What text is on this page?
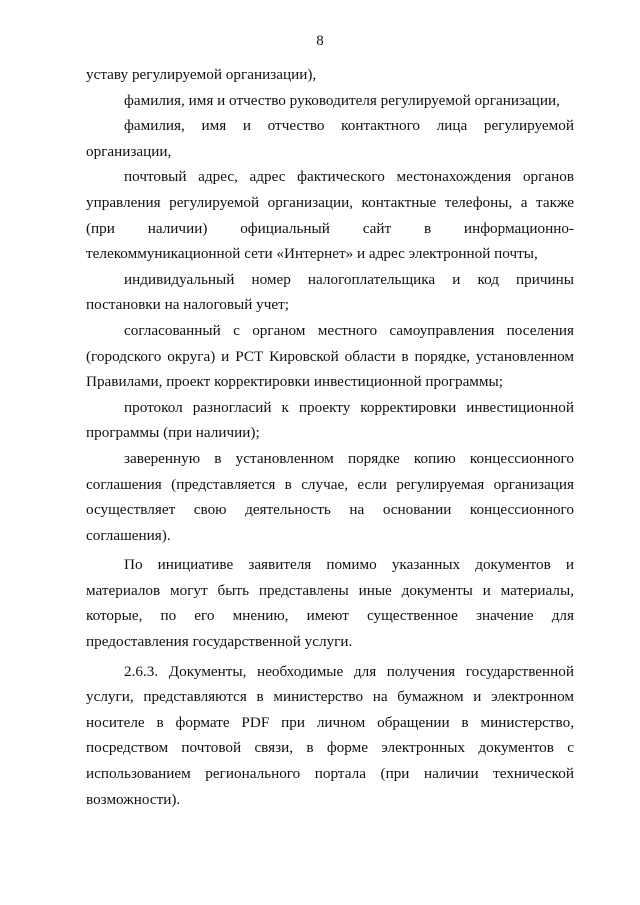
8

уставу регулируемой организации),

фамилия, имя и отчество руководителя регулируемой организации,

фамилия, имя и отчество контактного лица регулируемой организации,

почтовый адрес, адрес фактического местонахождения органов управления регулируемой организации, контактные телефоны, а также (при наличии) официальный сайт в информационно-телекоммуникационной сети «Интернет» и адрес электронной почты,

индивидуальный номер налогоплательщика и код причины постановки на налоговый учет;

согласованный с органом местного самоуправления поселения (городского округа) и РСТ Кировской области в порядке, установленном Правилами, проект корректировки инвестиционной программы;

протокол разногласий к проекту корректировки инвестиционной программы (при наличии);

заверенную в установленном порядке копию концессионного соглашения (представляется в случае, если регулируемая организация осуществляет свою деятельность на основании концессионного соглашения).

По инициативе заявителя помимо указанных документов и материалов могут быть представлены иные документы и материалы, которые, по его мнению, имеют существенное значение для предоставления государственной услуги.

2.6.3. Документы, необходимые для получения государственной услуги, представляются в министерство на бумажном и электронном носителе в формате PDF при личном обращении в министерство, посредством почтовой связи, в форме электронных документов с использованием регионального портала (при наличии технической возможности).
